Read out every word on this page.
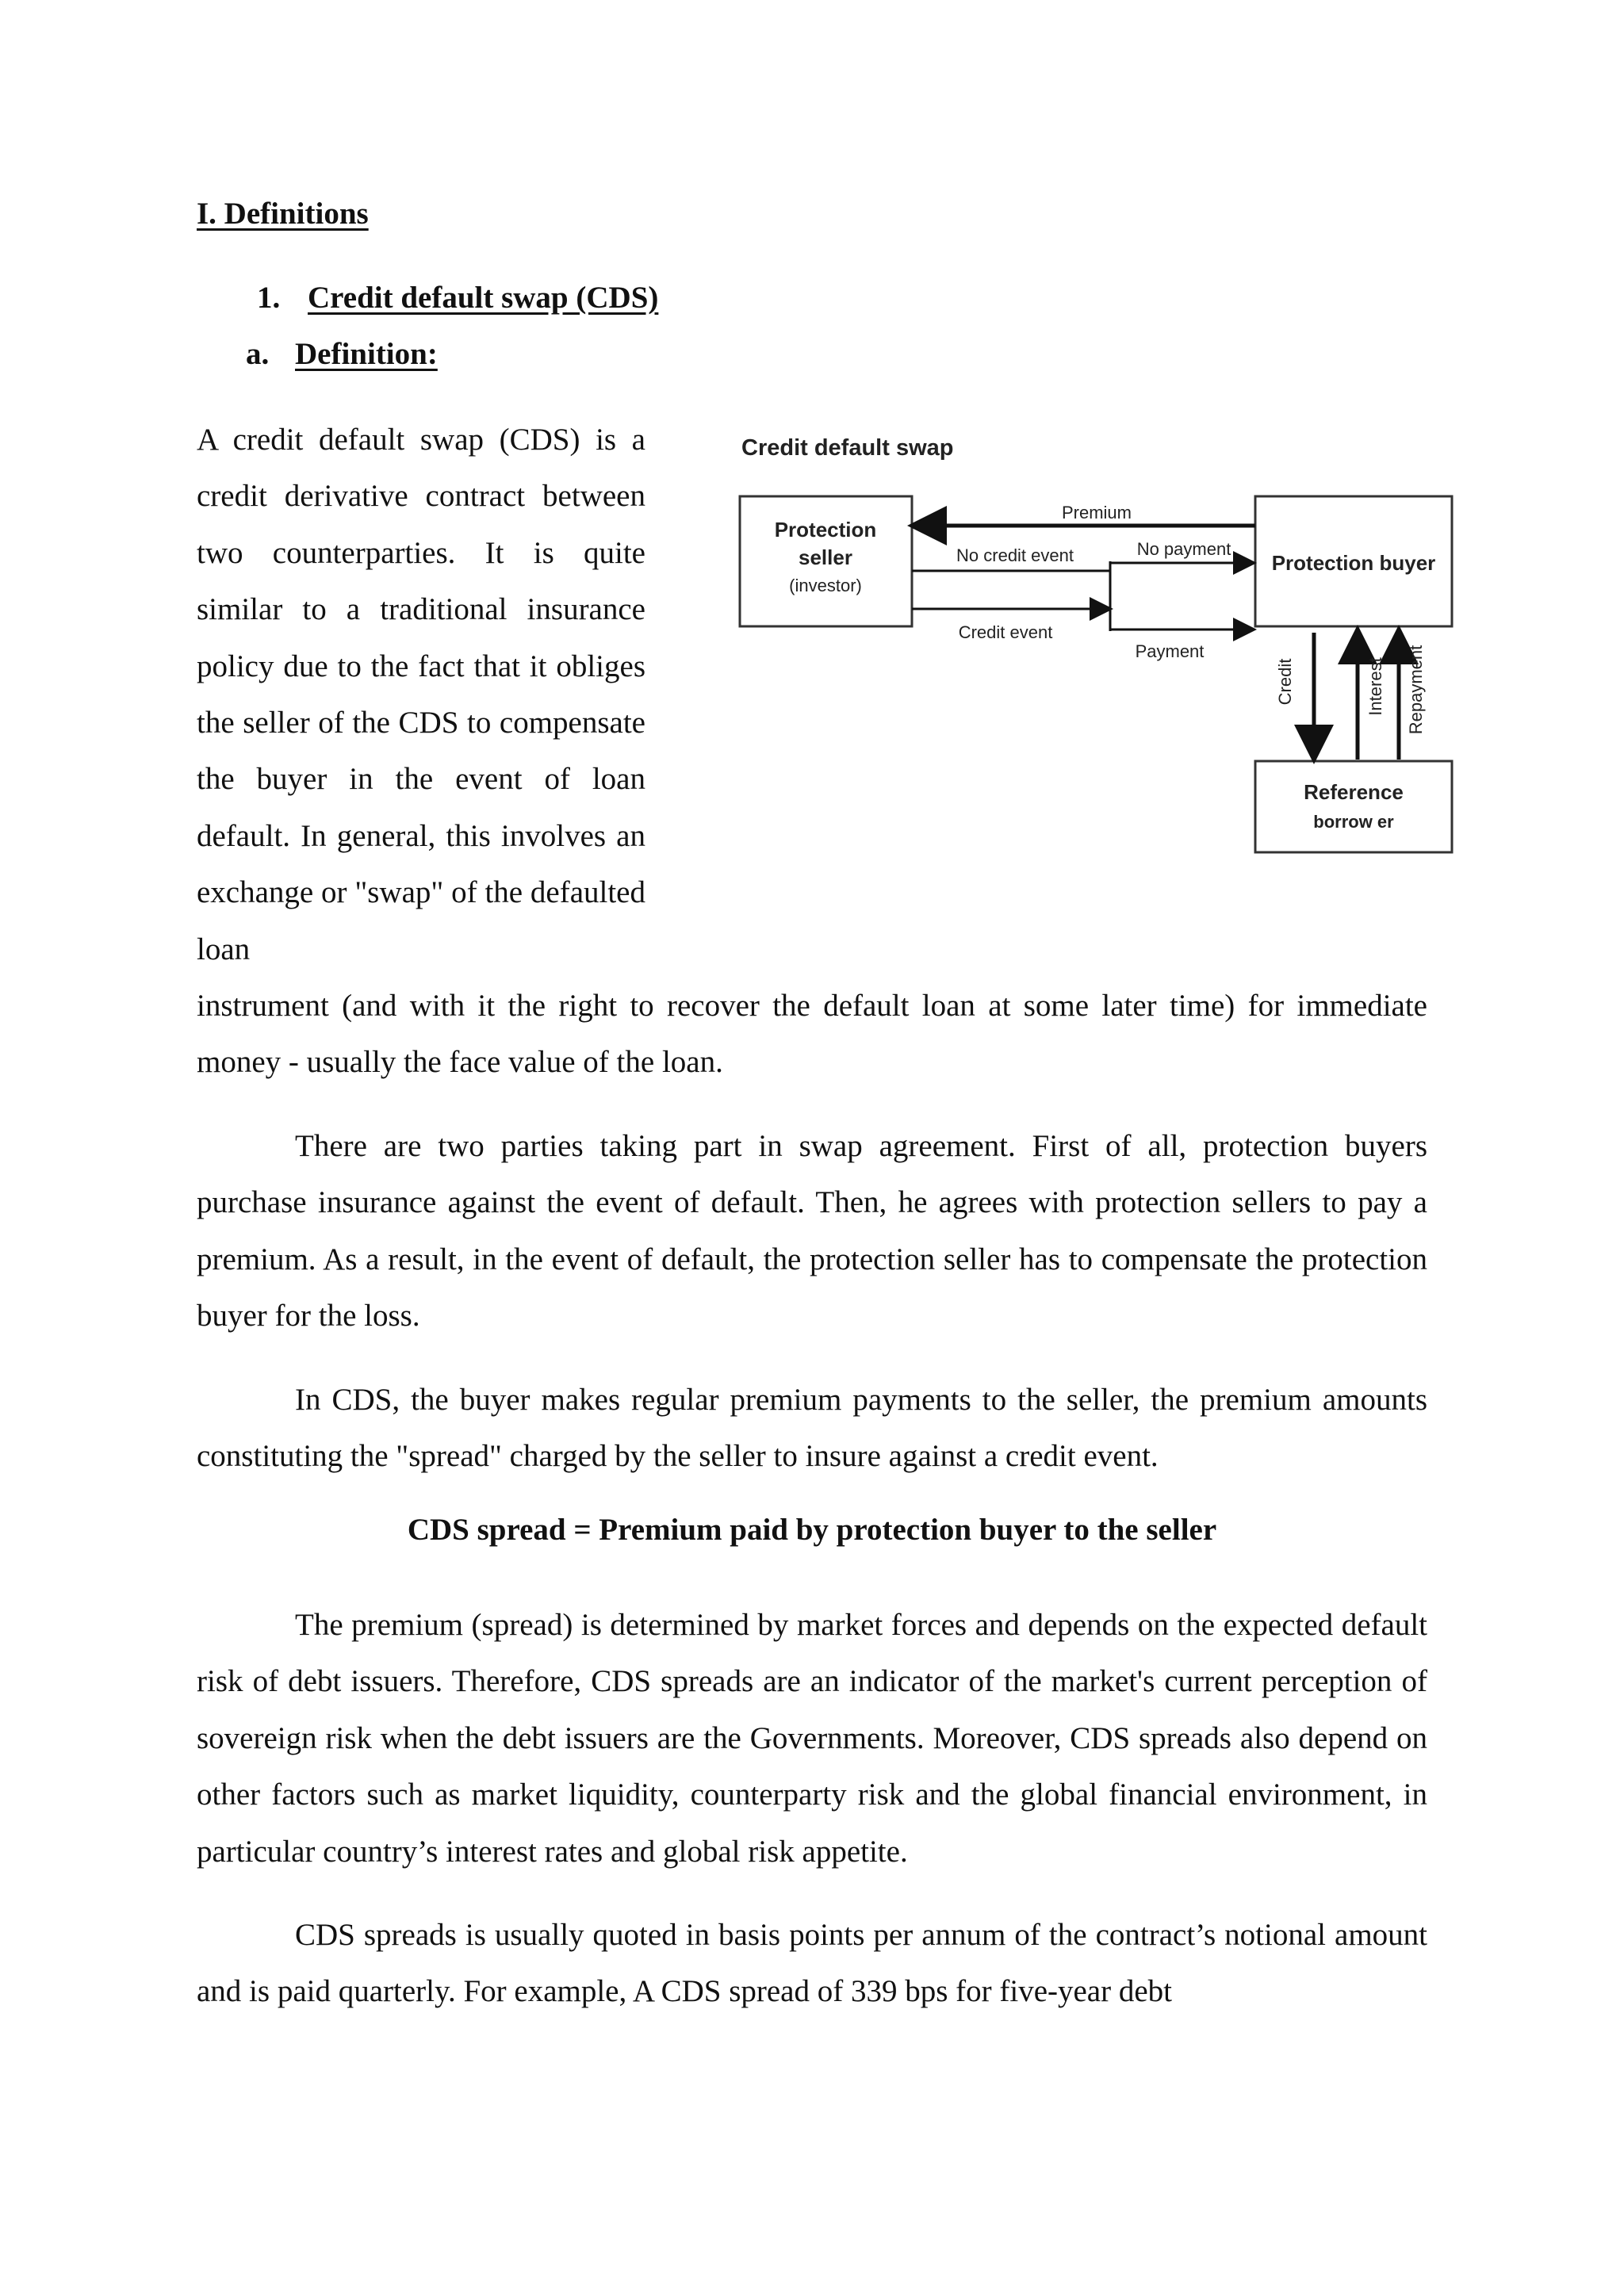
I. Definitions
1. Credit default swap (CDS)
a. Definition:

A credit default swap (CDS) is a credit derivative contract between two counterparties. It is quite similar to a traditional insurance policy due to the fact that it obliges the seller of the CDS to compensate the buyer in the event of loan default. In general, this involves an exchange or "swap" of the defaulted loan

Credit default swap
Protection
seller
(investor)
Protection buyer
Reference
borrow er
Premium
No credit event
Credit event
No payment
Payment
Credit	Interest Repayment

instrument (and with it the right to recover the default loan at some later time) for immediate money - usually the face value of the loan.

There are two parties taking part in swap agreement. First of all, protection buyers purchase insurance against the event of default. Then, he agrees with protection sellers to pay a premium. As a result, in the event of default, the protection seller has to compensate the protection buyer for the loss.

In CDS, the buyer makes regular premium payments to the seller, the premium amounts constituting the "spread" charged by the seller to insure against a credit event.

CDS spread = Premium paid by protection buyer to the seller

The premium (spread) is determined by market forces and depends on the expected default risk of debt issuers. Therefore, CDS spreads are an indicator of the market's current perception of sovereign risk when the debt issuers are the Governments. Moreover, CDS spreads also depend on other factors such as market liquidity, counterparty risk and the global financial environment, in particular country’s interest rates and global risk appetite.

CDS spreads is usually quoted in basis points per annum of the contract’s notional amount and is paid quarterly. For example, A CDS spread of 339 bps for five-year debt
